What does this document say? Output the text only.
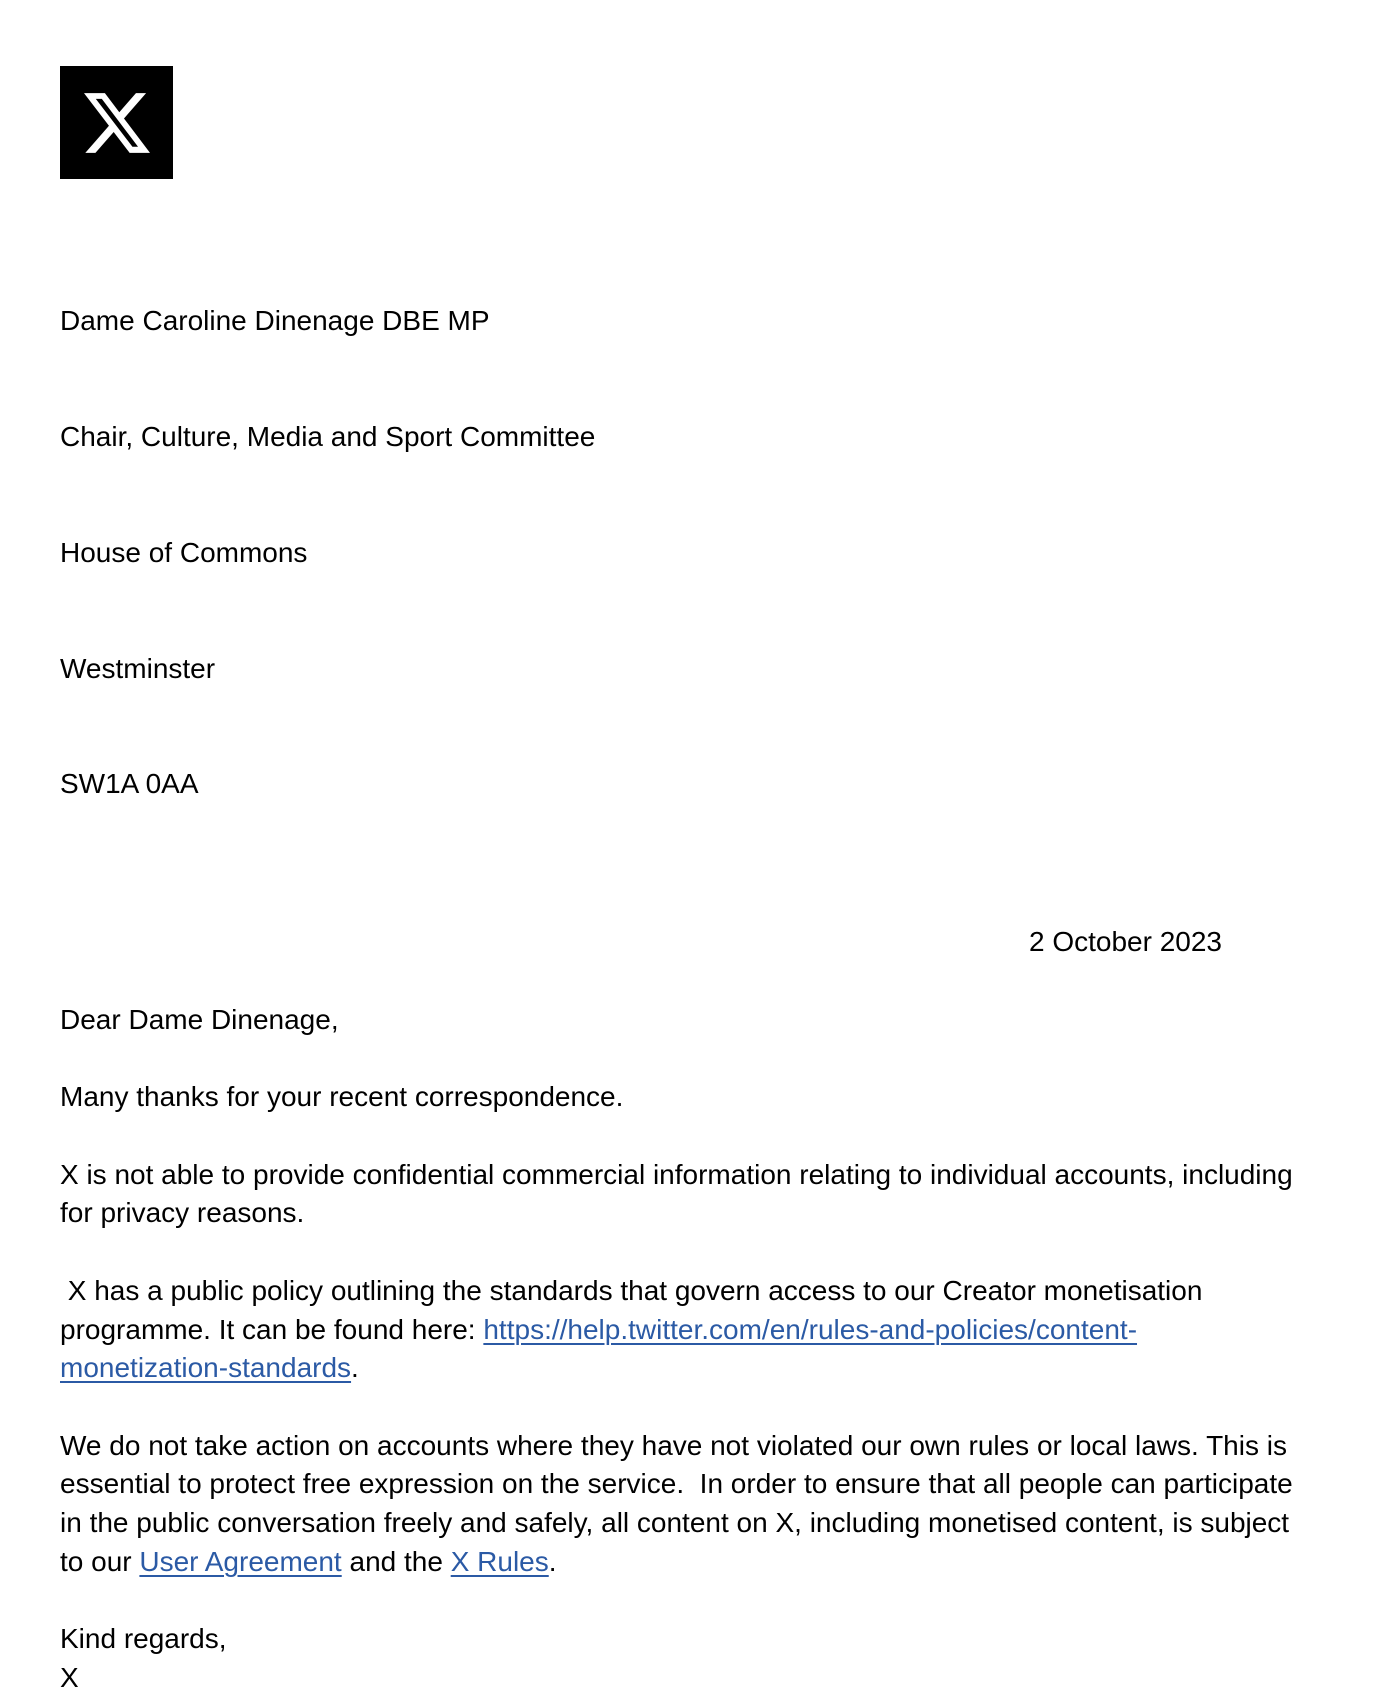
Dame Caroline Dinenage DBE MP

Chair, Culture, Media and Sport Committee

House of Commons

Westminster

SW1A 0AA

2 October 2023

Dear Dame Dinenage,

Many thanks for your recent correspondence.

X is not able to provide confidential commercial information relating to individual accounts, including for privacy reasons.

X has a public policy outlining the standards that govern access to our Creator monetisation programme. It can be found here: https://help.twitter.com/en/rules-and-policies/content-monetization-standards.

We do not take action on accounts where they have not violated our own rules or local laws. This is essential to protect free expression on the service.  In order to ensure that all people can participate in the public conversation freely and safely, all content on X, including monetised content, is subject to our User Agreement and the X Rules.

Kind regards,
X
